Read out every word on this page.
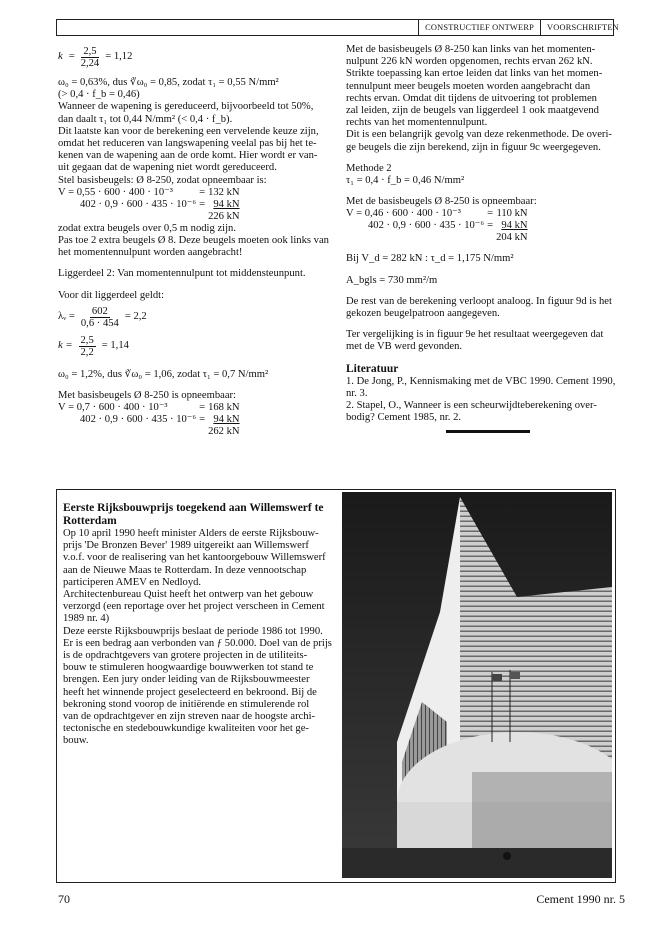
CONSTRUCTIEF ONTWERP	VOORSCHRIFTEN
$k = \frac{2,5}{2,24} = 1,12$
ω₀ = 0,63%, dus ∛ω₀ = 0,85, zodat τ₁ = 0,55 N/mm²
(> 0,4 · f_b = 0,46)
Wanneer de wapening is gereduceerd, bijvoorbeeld tot 50%,
dan daalt τ₁ tot 0,44 N/mm² (< 0,4 · f_b).
Dit laatste kan voor de berekening een vervelende keuze zijn,
omdat het reduceren van langswapening veelal pas bij het te-
kenen van de wapening aan de orde komt. Hier wordt er van-
uit gegaan dat de wapening niet wordt gereduceerd.
Stel basisbeugels: Ø 8-250, zodat opneembaar is:
V = 0,55 · 600 · 400 · 10⁻³	=	132 kN
402 · 0,9 · 600 · 435 · 10⁻⁶	=	94 kN
		226 kN
zodat extra beugels over 0,5 m nodig zijn.
Pas toe 2 extra beugels Ø 8. Deze beugels moeten ook links van
het momentennulpunt worden aangebracht!
Liggerdeel 2: Van momentennulpunt tot middensteunpunt.
Voor dit liggerdeel geldt:
λᵥ = $\frac{602}{0,6 \cdot 454} = 2,2$
$k = \frac{2,5}{2,2} = 1,14$
ω₀ = 1,2%, dus ∛ω₀ = 1,06, zodat τ₁ = 0,7 N/mm²
Met basisbeugels Ø 8-250 is opneembaar:
V = 0,7 · 600 · 400 · 10⁻³	=	168 kN
402 · 0,9 · 600 · 435 · 10⁻⁶	=	94 kN
		262 kN
Met de basisbeugels Ø 8-250 kan links van het momenten-
nulpunt 226 kN worden opgenomen, rechts ervan 262 kN.
Strikte toepassing kan ertoe leiden dat links van het momen-
tennulpunt meer beugels moeten worden aangebracht dan
rechts ervan. Omdat dit tijdens de uitvoering tot problemen
zal leiden, zijn de beugels van liggerdeel 1 ook maatgevend
rechts van het momentennulpunt.
Dit is een belangrijk gevolg van deze rekenmethode. De overi-
ge beugels die zijn berekend, zijn in figuur 9c weergegeven.
Methode 2
τ₁ = 0,4 · f_b = 0,46 N/mm²
Met de basisbeugels Ø 8-250 is opneembaar:
V = 0,46 · 600 · 400 · 10⁻³	=	110 kN
402 · 0,9 · 600 · 435 · 10⁻⁶	=	94 kN
		204 kN
Bij V_d = 282 kN : τ_d = 1,175 N/mm²
A_bgls = 730 mm²/m
De rest van de berekening verloopt analoog. In figuur 9d is het
gekozen beugelpatroon aangegeven.
Ter vergelijking is in figuur 9e het resultaat weergegeven dat
met de VB werd gevonden.
Literatuur
1. De Jong, P., Kennismaking met de VBC 1990. Cement 1990,
nr. 3.
2. Stapel, O., Wanneer is een scheurwijdteberekening over-
bodig? Cement 1985, nr. 2.
Eerste Rijksbouwprijs toegekend aan Willemswerf te
Rotterdam
Op 10 april 1990 heeft minister Alders de eerste Rijksbouw-
prijs 'De Bronzen Bever' 1989 uitgereikt aan Willemswerf
v.o.f. voor de realisering van het kantoorgebouw Willemswerf
aan de Nieuwe Maas te Rotterdam. In deze vennootschap
participeren AMEV en Nedloyd.
Architectenbureau Quist heeft het ontwerp van het gebouw
verzorgd (een reportage over het project verscheen in Cement
1989 nr. 4)
Deze eerste Rijksbouwprijs beslaat de periode 1986 tot 1990.
Er is een bedrag aan verbonden van ƒ 50.000. Doel van de prijs
is de opdrachtgevers van grotere projecten in de utiliteits-
bouw te stimuleren hoogwaardige bouwwerken tot stand te
brengen. Een jury onder leiding van de Rijksbouwmeester
heeft het winnende project geselecteerd en bekroond. Bij de
bekroning stond voorop de initiërende en stimulerende rol
van de opdrachtgever en zijn streven naar de hoogste archi-
tectonische en stedebouwkundige kwaliteiten voor het ge-
bouw.
70	Cement 1990 nr. 5
